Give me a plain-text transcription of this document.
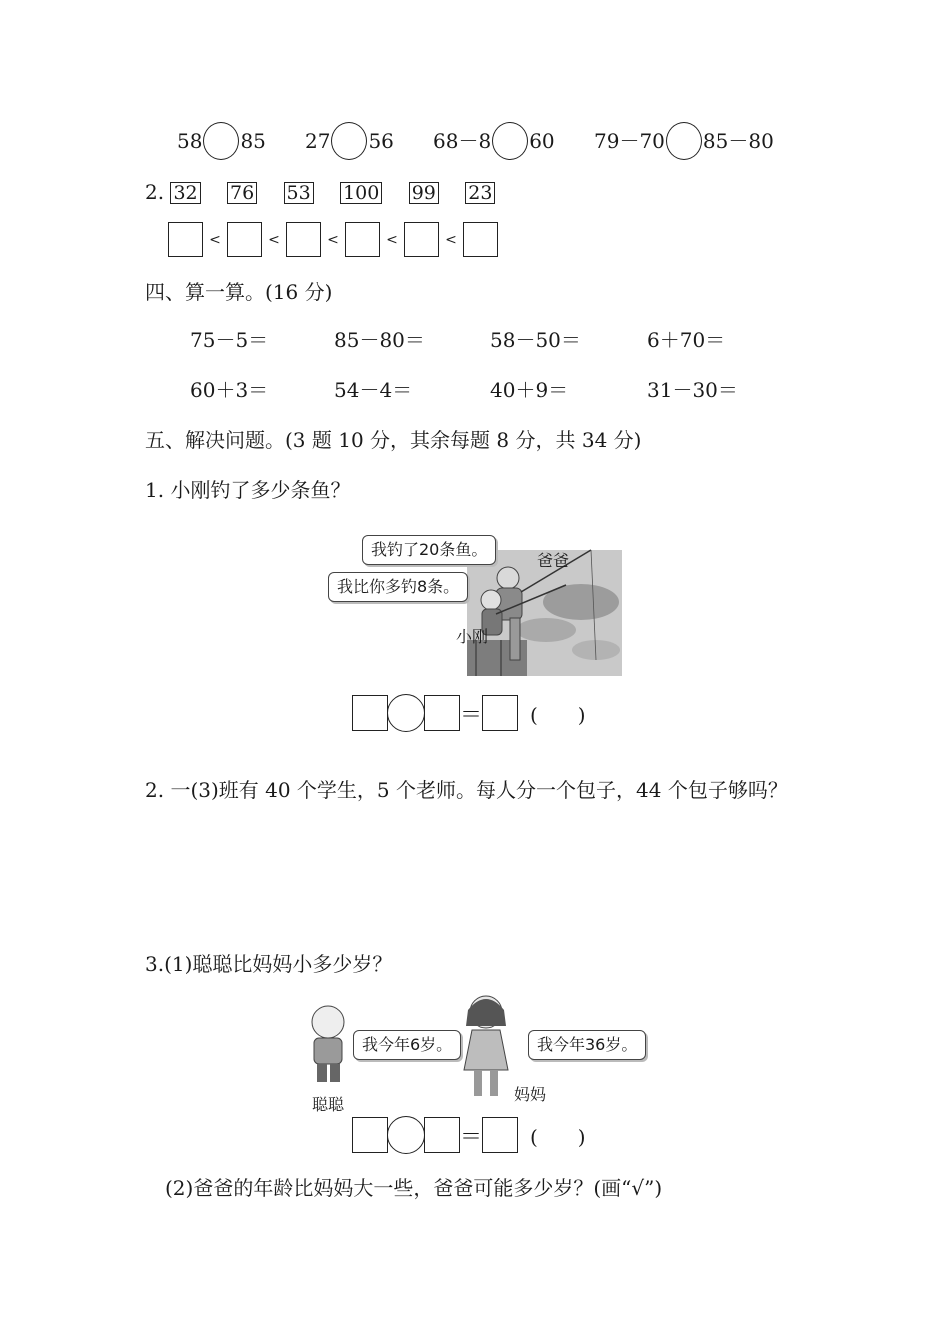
58 85 27 56 68－8 60 79－70 85－80
2. 32 76 53 100 99 23
<	<	<	<	<
四、算一算。(16 分)
75－5＝	85－80＝	58－50＝	6＋70＝
60＋3＝	54－4＝	40＋9＝	31－30＝
五、解决问题。(3 题 10 分，其余每题 8 分，共 34 分)
1. 小刚钓了多少条鱼？
我钓了20条鱼。
我比你多钓8条。
爸爸
小刚
＝ (　　)
2. 一(3)班有 40 个学生，5 个老师。每人分一个包子，44 个包子够吗？
3.(1)聪聪比妈妈小多少岁？
我今年6岁。	我今年36岁。
聪聪
妈妈
＝ (　　)
(2)爸爸的年龄比妈妈大一些，爸爸可能多少岁？(画“√”)
